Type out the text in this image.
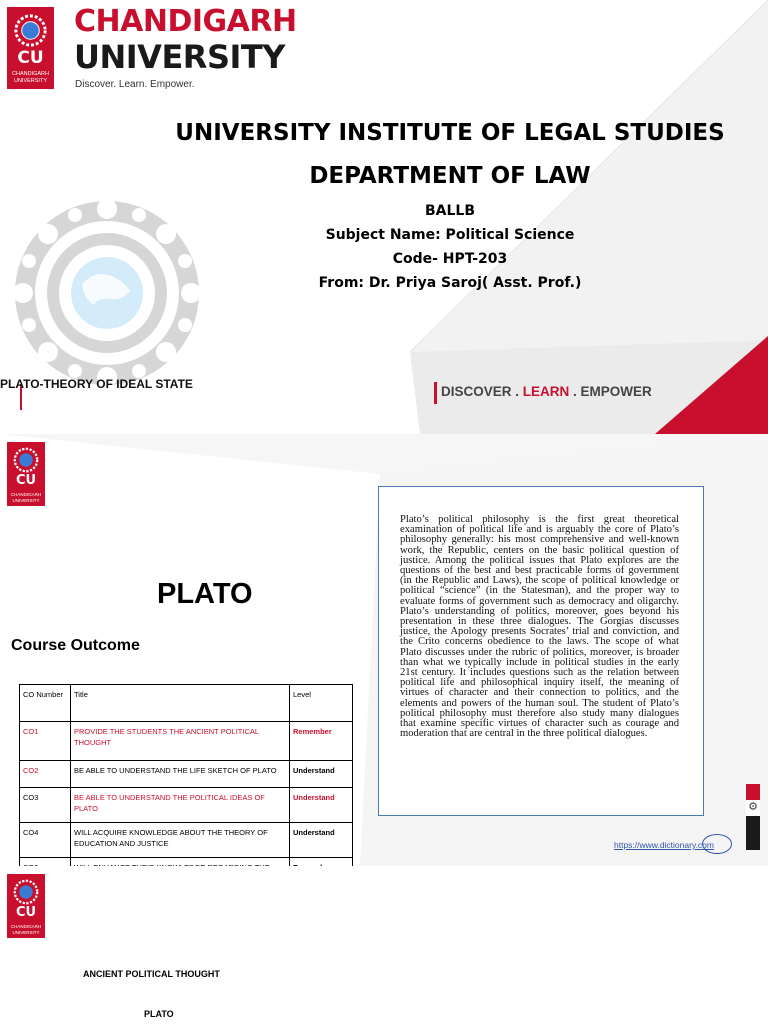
CU
CHANDIGARH UNIVERSITY
CHANDIGARH
UNIVERSITY
Discover. Learn. Empower.

UNIVERSITY INSTITUTE OF LEGAL STUDIES

DEPARTMENT OF LAW

BALLB

Subject Name: Political Science

Code- HPT-203

From: Dr. Priya Saroj( Asst. Prof.)

PLATO-THEORY OF IDEAL STATE	DISCOVER . LEARN . EMPOWER
CU
CHANDIGARH UNIVERSITY
PLATO
Course Outcome
CO Number	Title	Level
CO1	PROVIDE THE STUDENTS THE ANCIENT POLITICAL THOUGHT	Remember
CO2	BE ABLE TO UNDERSTAND THE LIFE SKETCH OF PLATO	Understand
CO3	BE ABLE TO UNDERSTAND THE POLITICAL IDEAS OF PLATO	Understand
CO4	WILL ACQUIRE KNOWLEDGE ABOUT THE THEORY OF EDUCATION AND JUSTICE	Understand

Plato’s political philosophy is the first great theoretical examination of political life and is arguably the core of Plato’s philosophy generally: his most comprehensive and well-known work, the Republic, centers on the basic political question of justice. Among the political issues that Plato explores are the questions of the best and best practicable forms of government (in the Republic and Laws), the scope of political knowledge or political “science” (in the Statesman), and the proper way to evaluate forms of government such as democracy and oligarchy. Plato’s understanding of politics, moreover, goes beyond his presentation in these three dialogues. The Gorgias discusses justice, the Apology presents Socrates’ trial and conviction, and the Crito concerns obedience to the laws. The scope of what Plato discusses under the rubric of politics, moreover, is broader than what we typically include in political studies in the early 21st century. It includes questions such as the relation between political life and philosophical inquiry itself, the meaning of virtues of character and their connection to politics, and the elements and powers of the human soul. The student of Plato’s political philosophy must therefore also study many dialogues that examine specific virtues of character such as courage and moderation that are central in the three political dialogues.

https://www.dictionary.com
⚙
CU
CHANDIGARH UNIVERSITY
ANCIENT POLITICAL THOUGHT
PLATO
